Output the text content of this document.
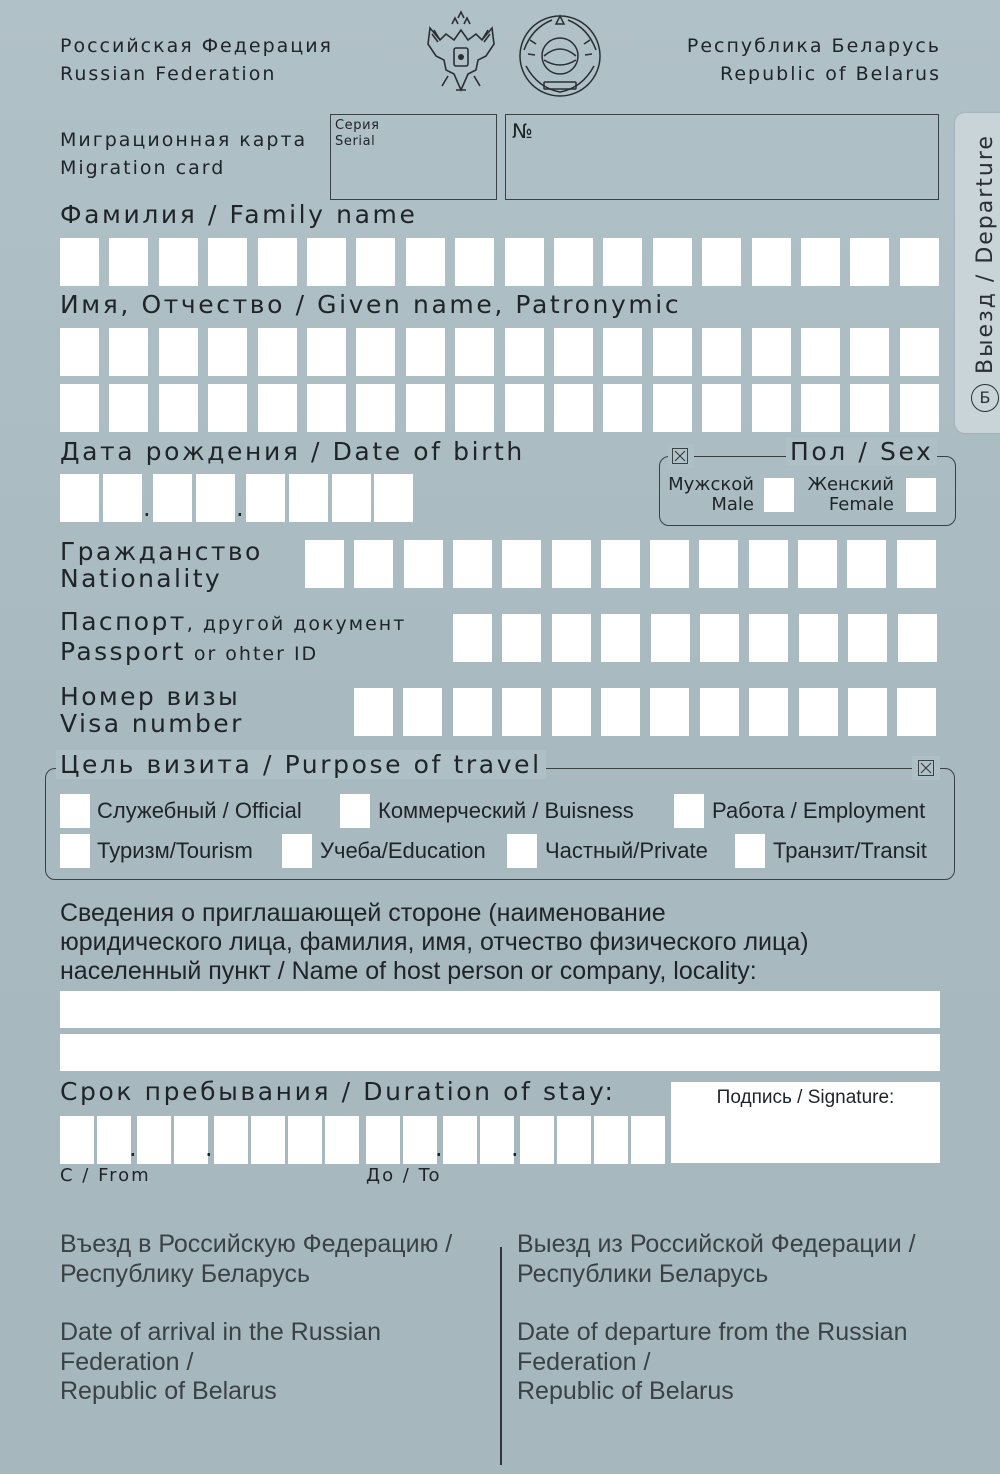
Российская Федерация
Russian Federation
Республика Беларусь
Republic of Belarus
Миграционная карта
Migration card
Серия
Serial	№
Б
Выезд / Departure
Фамилия / Family name
Имя, Отчество / Given name, Patronymic
Дата рождения / Date of birth
.	.
Пол / Sex
Мужской
Male
Женский
Female
Гражданство
Nationality
Паспорт, другой документ
Passport or ohter ID
Номер визы
Visa number
Цель визита / Purpose of travel
Служебный / Official	Коммерческий / Buisness	Работа / Employment
Туризм/Tourism	Учеба/Education	Частный/Private	Транзит/Transit
Сведения о приглашающей стороне (наименование
юридического лица, фамилия, имя, отчество физического лица)
населенный пункт / Name of host person or company, locality:
Срок пребывания / Duration of stay:
.	.	.	.
С / From	До / To
Подпись / Signature:
Въезд в Российскую Федерацию /
Республику Беларусь
Date of arrival in the Russian
Federation /
Republic of Belarus
Выезд из Российской Федерации /
Республики Беларусь
Date of departure from the Russian
Federation /
Republic of Belarus
